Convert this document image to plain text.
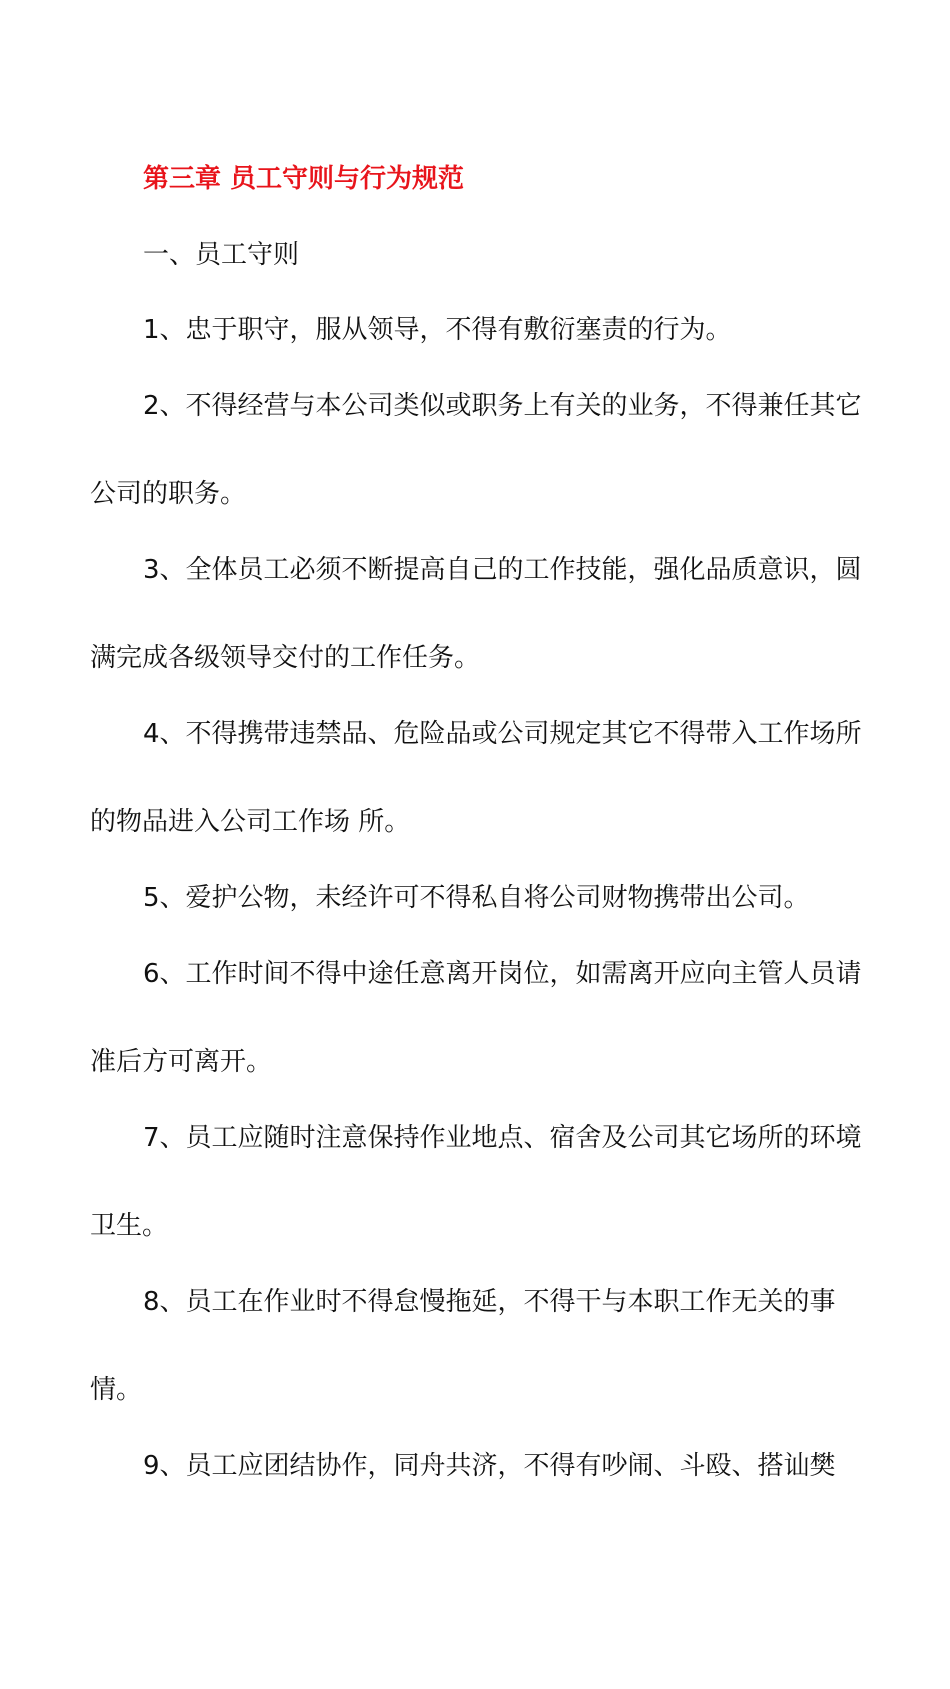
第三章 员工守则与行为规范
一、员工守则
1、忠于职守，服从领导，不得有敷衍塞责的行为。
2、不得经营与本公司类似或职务上有关的业务，不得兼任其它
公司的职务。
3、全体员工必须不断提高自己的工作技能，强化品质意识，圆
满完成各级领导交付的工作任务。
4、不得携带违禁品、危险品或公司规定其它不得带入工作场所
的物品进入公司工作场 所。
5、爱护公物，未经许可不得私自将公司财物携带出公司。
6、工作时间不得中途任意离开岗位，如需离开应向主管人员请
准后方可离开。
7、员工应随时注意保持作业地点、宿舍及公司其它场所的环境
卫生。
8、员工在作业时不得怠慢拖延，不得干与本职工作无关的事
情。
9、员工应团结协作，同舟共济，不得有吵闹、斗殴、搭讪樊
